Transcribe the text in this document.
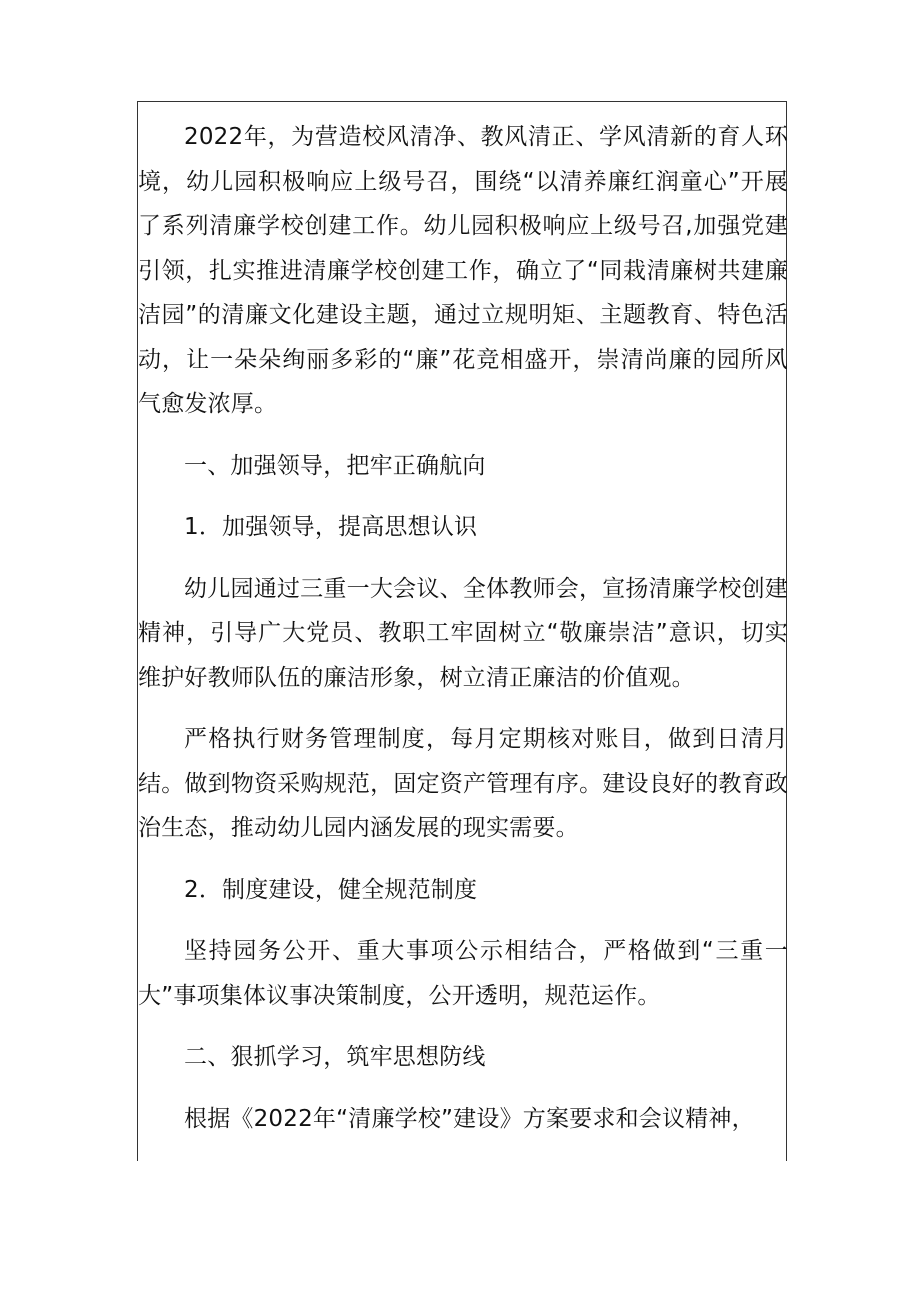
2022年，为营造校风清净、教风清正、学风清新的育人环境，幼儿园积极响应上级号召，围绕“以清养廉红润童心”开展了系列清廉学校创建工作。幼儿园积极响应上级号召,加强党建引领，扎实推进清廉学校创建工作，确立了“同栽清廉树共建廉洁园”的清廉文化建设主题，通过立规明矩、主题教育、特色活动，让一朵朵绚丽多彩的“廉”花竞相盛开，崇清尚廉的园所风气愈发浓厚。

一、加强领导，把牢正确航向

1．加强领导，提高思想认识

幼儿园通过三重一大会议、全体教师会，宣扬清廉学校创建精神，引导广大党员、教职工牢固树立“敬廉崇洁”意识，切实维护好教师队伍的廉洁形象，树立清正廉洁的价值观。

严格执行财务管理制度，每月定期核对账目，做到日清月结。做到物资采购规范，固定资产管理有序。建设良好的教育政治生态，推动幼儿园内涵发展的现实需要。

2．制度建设，健全规范制度

坚持园务公开、重大事项公示相结合，严格做到“三重一大”事项集体议事决策制度，公开透明，规范运作。

二、狠抓学习，筑牢思想防线

根据《2022年“清廉学校”建设》方案要求和会议精神，
